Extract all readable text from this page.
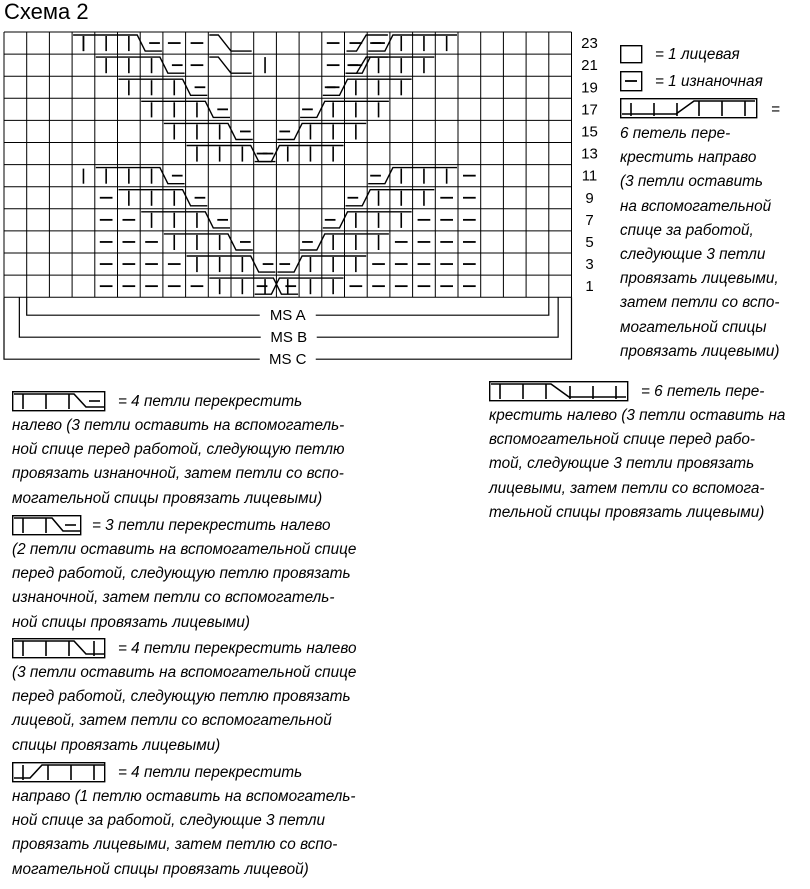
Схема 2
MS A
MS B
MS C
23
21
19
17
15
13
11
9
7
5
3
1

= 1 лицевая

= 1 изнаночная

=
6 петель пере-
крестить направо
(3 петли оставить
на вспомогательной
спице за работой,
следующие 3 петли
провязать лицевыми,
затем петли со вспо-
могательной спицы
провязать лицевыми)

= 6 петель пере-
крестить налево (3 петли оставить на
вспомогательной спице перед рабо-
той, следующие 3 петли провязать
лицевыми, затем петли со вспомога-
тельной спицы провязать лицевыми)

= 4 петли перекрестить
налево (3 петли оставить на вспомогатель-
ной спице перед работой, следующую петлю
провязать изнаночной, затем петли со вспо-
могательной спицы провязать лицевыми)

= 3 петли перекрестить налево
(2 петли оставить на вспомогательной спице
перед работой, следующую петлю провязать
изнаночной, затем петли со вспомогатель-
ной спицы провязать лицевыми)

= 4 петли перекрестить налево
(3 петли оставить на вспомогательной спице
перед работой, следующую петлю провязать
лицевой, затем петли со вспомогательной
спицы провязать лицевыми)

= 4 петли перекрестить
направо (1 петлю оставить на вспомогатель-
ной спице за работой, следующие 3 петли
провязать лицевыми, затем петлю со вспо-
могательной спицы провязать лицевой)
